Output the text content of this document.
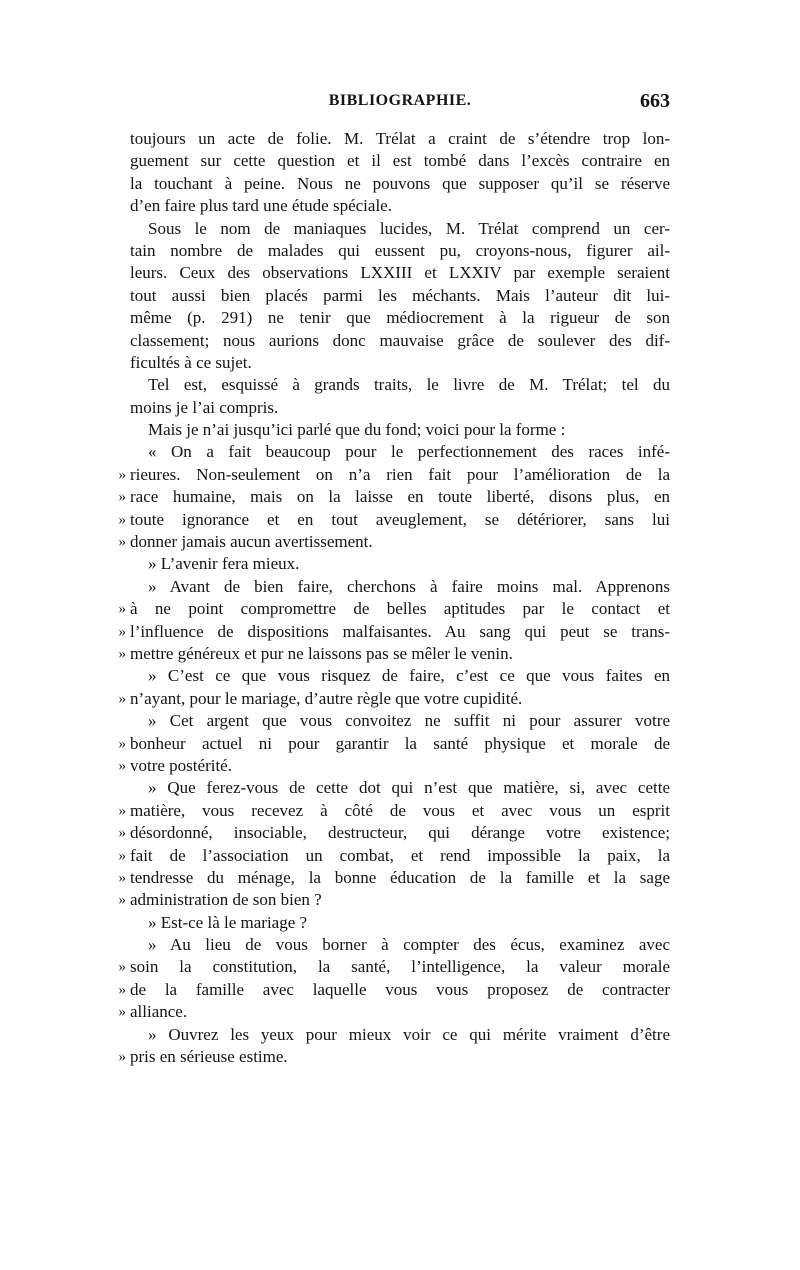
BIBLIOGRAPHIE.	663
toujours un acte de folie. M. Trélat a craint de s’étendre trop lon-
guement sur cette question et il est tombé dans l’excès contraire en
la touchant à peine. Nous ne pouvons que supposer qu’il se réserve
d’en faire plus tard une étude spéciale.
Sous le nom de maniaques lucides, M. Trélat comprend un cer-
tain nombre de malades qui eussent pu, croyons-nous, figurer ail-
leurs. Ceux des observations LXXIII et LXXIV par exemple seraient
tout aussi bien placés parmi les méchants. Mais l’auteur dit lui-
même (p. 291) ne tenir que médiocrement à la rigueur de son
classement; nous aurions donc mauvaise grâce de soulever des dif-
ficultés à ce sujet.
Tel est, esquissé à grands traits, le livre de M. Trélat; tel du
moins je l’ai compris.
Mais je n’ai jusqu’ici parlé que du fond; voici pour la forme :
« On a fait beaucoup pour le perfectionnement des races infé-
» rieures. Non-seulement on n’a rien fait pour l’amélioration de la
» race humaine, mais on la laisse en toute liberté, disons plus, en
» toute ignorance et en tout aveuglement, se détériorer, sans lui
» donner jamais aucun avertissement.
» L’avenir fera mieux.
» Avant de bien faire, cherchons à faire moins mal. Apprenons
» à ne point compromettre de belles aptitudes par le contact et
» l’influence de dispositions malfaisantes. Au sang qui peut se trans-
» mettre généreux et pur ne laissons pas se mêler le venin.
» C’est ce que vous risquez de faire, c’est ce que vous faites en
» n’ayant, pour le mariage, d’autre règle que votre cupidité.
» Cet argent que vous convoitez ne suffit ni pour assurer votre
» bonheur actuel ni pour garantir la santé physique et morale de
» votre postérité.
» Que ferez-vous de cette dot qui n’est que matière, si, avec cette
» matière, vous recevez à côté de vous et avec vous un esprit
» désordonné, insociable, destructeur, qui dérange votre existence;
» fait de l’association un combat, et rend impossible la paix, la
» tendresse du ménage, la bonne éducation de la famille et la sage
» administration de son bien ?
» Est-ce là le mariage ?
» Au lieu de vous borner à compter des écus, examinez avec
» soin la constitution, la santé, l’intelligence, la valeur morale
» de la famille avec laquelle vous vous proposez de contracter
» alliance.
» Ouvrez les yeux pour mieux voir ce qui mérite vraiment d’être
» pris en sérieuse estime.
